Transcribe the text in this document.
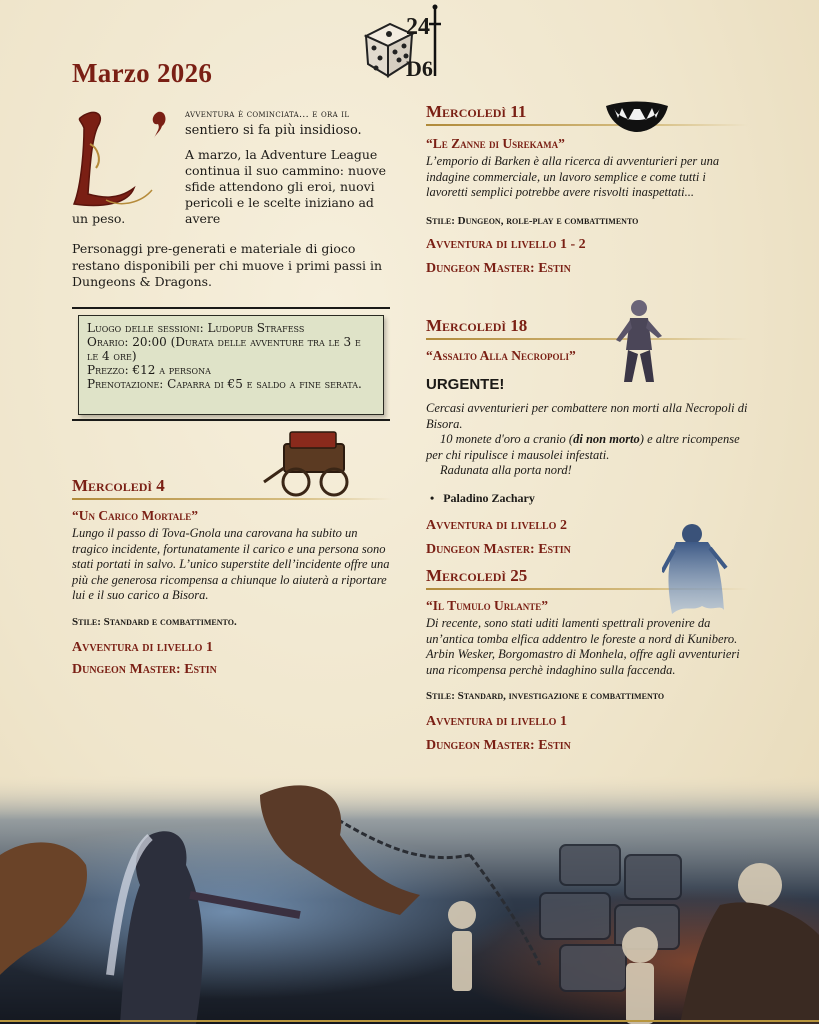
24
D6
Marzo 2026
avventura è cominciata... e ora il
sentiero si fa più insidioso.

A marzo, la Adventure League continua il suo cammino: nuove sfide attendono gli eroi, nuovi pericoli e le scelte iniziano ad avere

un peso.

Personaggi pre-generati e materiale di gioco restano disponibili per chi muove i primi passi in Dungeons & Dragons.

Luogo delle sessioni: Ludopub Strafess
Orario: 20:00 (Durata delle avventure tra le 3 e le 4 ore)
Prezzo: €12 a persona
Prenotazione: Caparra di €5 e saldo a fine serata.
Mercoledì 4
“Un Carico Mortale”

Lungo il passo di Tova-Gnola una carovana ha subito un tragico incidente, fortunatamente il carico e una persona sono stati portati in salvo. L’unico superstite dell’incidente offre una più che generosa ricompensa a chiunque lo aiuterà a riportare lui e il suo carico a Bisora.

Stile: Standard e combattimento.

Avventura di livello 1

Dungeon Master: Estin

Mercoledì 11
“Le Zanne di Usrekama”

L’emporio di Barken è alla ricerca di avventurieri per una indagine commerciale, un lavoro semplice e come tutti i lavoretti semplici potrebbe avere risvolti inaspettati...

Stile: Dungeon, role-play e combattimento

Avventura di livello 1 - 2

Dungeon Master: Estin

Mercoledì 18
“Assalto Alla Necropoli”
URGENTE!

Cercasi avventurieri per combattere non morti alla Necropoli di Bisora.

10 monete d'oro a cranio (di non morto) e altre ricompense per chi ripulisce i mausolei infestati.

Radunata alla porta nord!

•   Paladino Zachary

Avventura di livello 2

Dungeon Master: Estin

Mercoledì 25
“Il Tumulo Urlante”

Di recente, sono stati uditi lamenti spettrali provenire da un’antica tomba elfica addentro le foreste a nord di Kunibero. Arbin Wesker, Borgomastro di Monhela, offre agli avventurieri una ricompensa perchè indaghino sulla faccenda.

Stile: Standard, investigazione e combattimento

Avventura di livello 1

Dungeon Master: Estin
